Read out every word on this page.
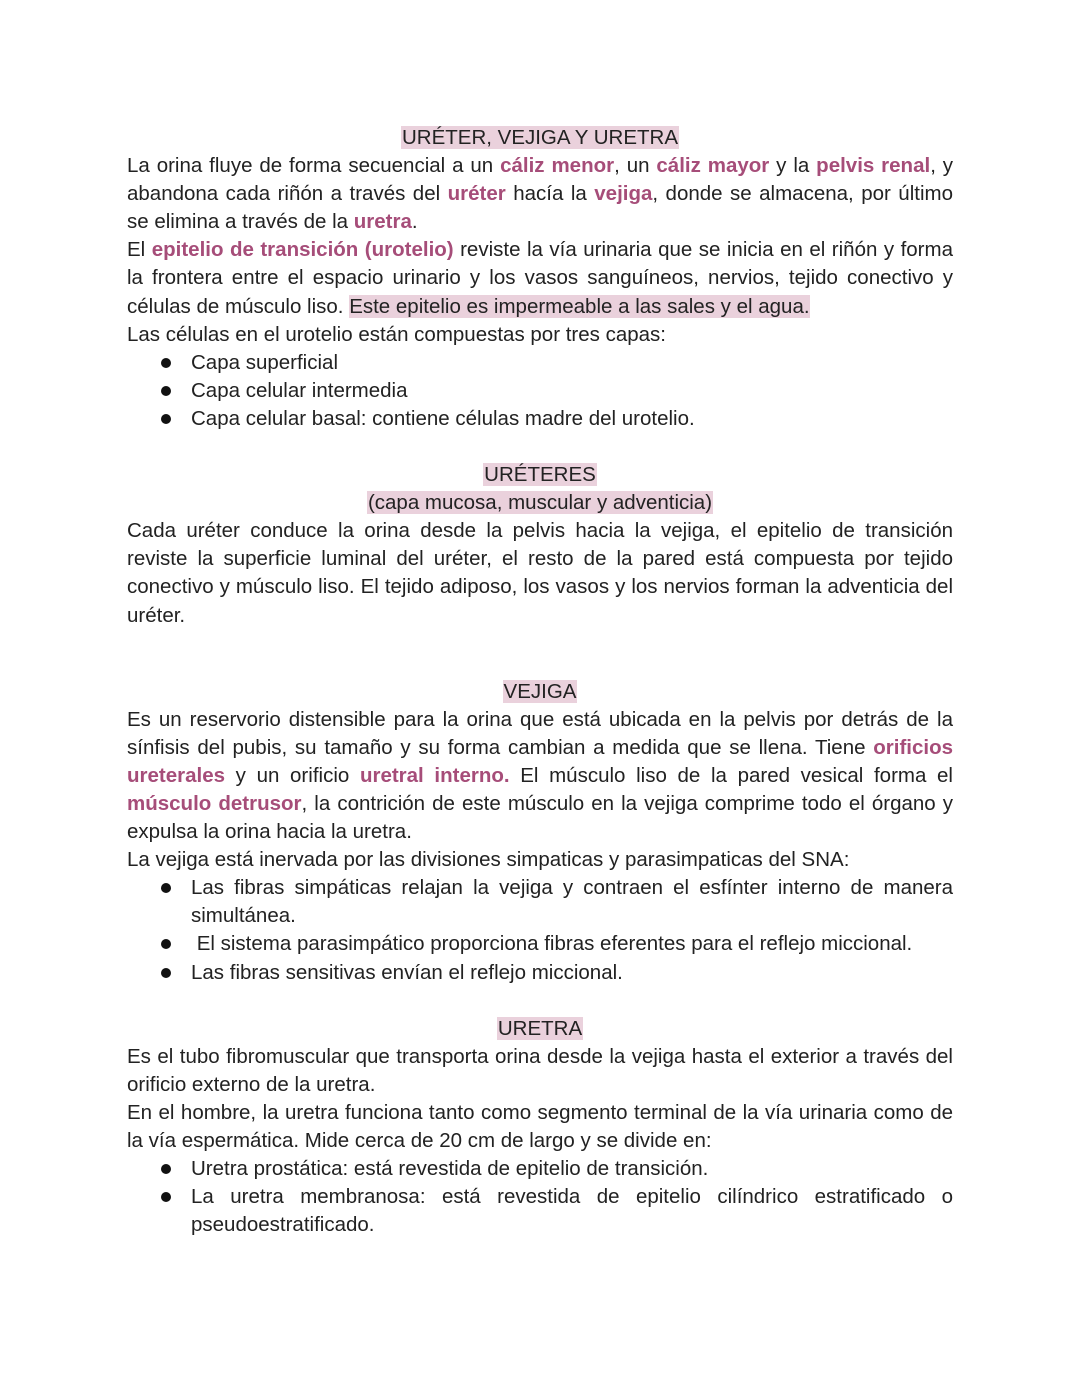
URÉTER, VEJIGA Y URETRA

La orina fluye de forma secuencial a un cáliz menor, un cáliz mayor y la pelvis renal, y abandona cada riñón a través del uréter hacía la vejiga, donde se almacena, por último se elimina a través de la uretra.

El epitelio de transición (urotelio) reviste la vía urinaria que se inicia en el riñón y forma la frontera entre el espacio urinario y los vasos sanguíneos, nervios, tejido conectivo y células de músculo liso. Este epitelio es impermeable a las sales y el agua.

Las células en el urotelio están compuestas por tres capas:

Capa superficial
Capa celular intermedia
Capa celular basal: contiene células madre del urotelio.
URÉTERES
(capa mucosa, muscular y adventicia)

Cada uréter conduce la orina desde la pelvis hacia la vejiga, el epitelio de transición reviste la superficie luminal del uréter, el resto de la pared está compuesta por tejido conectivo y músculo liso. El tejido adiposo, los vasos y los nervios forman la adventicia del uréter.

VEJIGA

Es un reservorio distensible para la orina que está ubicada en la pelvis por detrás de la sínfisis del pubis, su tamaño y su forma cambian a medida que se llena. Tiene orificios ureterales y un orificio uretral interno. El músculo liso de la pared vesical forma el músculo detrusor, la contrición de este músculo en la vejiga comprime todo el órgano y expulsa la orina hacia la uretra.

La vejiga está inervada por las divisiones simpaticas y parasimpaticas del SNA:

Las fibras simpáticas relajan la vejiga y contraen el esfínter interno de manera simultánea.
El sistema parasimpático proporciona fibras eferentes para el reflejo miccional.
Las fibras sensitivas envían el reflejo miccional.
URETRA

Es el tubo fibromuscular que transporta orina desde la vejiga hasta el exterior a través del orificio externo de la uretra.

En el hombre, la uretra funciona tanto como segmento terminal de la vía urinaria como de la vía espermática. Mide cerca de 20 cm de largo y se divide en:

Uretra prostática: está revestida de epitelio de transición.
La uretra membranosa: está revestida de epitelio cilíndrico estratificado o pseudoestratificado.
